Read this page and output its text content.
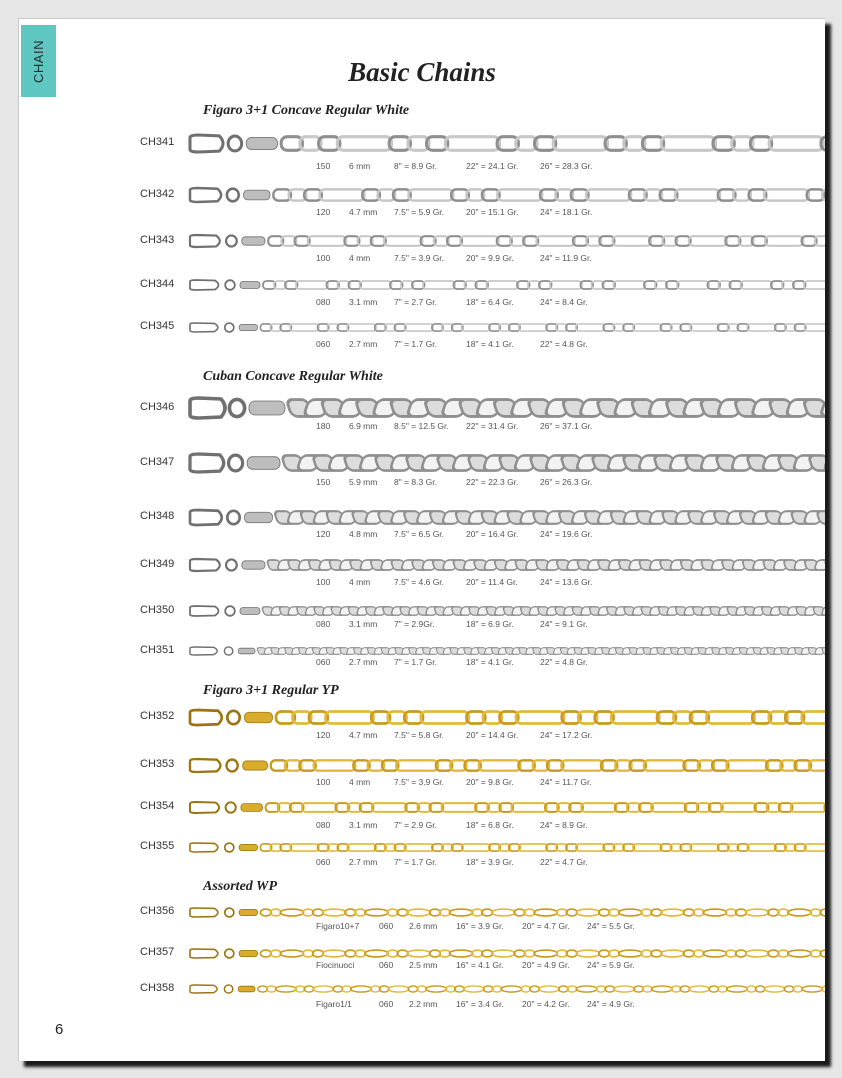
CHAIN	Basic Chains
Figaro 3+1 Concave Regular White
CH341
150 6 mm	8" = 8.9 Gr.	22" = 24.1 Gr.	26" = 28.3 Gr.
CH342
120 4.7 mm 7.5" = 5.9 Gr.	20" = 15.1 Gr.	24" = 18.1 Gr.
CH343
100 4 mm	7.5" = 3.9 Gr.	20" = 9.9 Gr.	24" = 11.9 Gr.
CH344
080 3.1 mm 7" = 2.7 Gr.	18" = 6.4 Gr.	24" = 8.4 Gr.
CH345
060 2.7 mm 7" = 1.7 Gr.	18" = 4.1 Gr.	22" = 4.8 Gr.
Cuban Concave Regular White
CH346
180 6.9 mm 8.5" = 12.5 Gr. 22" = 31.4 Gr.	26" = 37.1 Gr.
CH347
150 5.9 mm 8" = 8.3 Gr.	22" = 22.3 Gr.	26" = 26.3 Gr.
CH348
120 4.8 mm 7.5" = 6.5 Gr.	20" = 16.4 Gr.	24" = 19.6 Gr.
CH349
100 4 mm	7.5" = 4.6 Gr.	20" = 11.4 Gr.	24" = 13.6 Gr.
CH350
080 3.1 mm 7" = 2.9Gr.	18" = 6.9 Gr.	24" = 9.1 Gr.
CH351
060 2.7 mm 7" = 1.7 Gr.	18" = 4.1 Gr.	22" = 4.8 Gr.
Figaro 3+1 Regular YP
CH352
120 4.7 mm 7.5" = 5.8 Gr.	20" = 14.4 Gr.	24" = 17.2 Gr.
CH353
100 4 mm	7.5" = 3.9 Gr.	20" = 9.8 Gr.	24" = 11.7 Gr.
CH354
080 3.1 mm 7" = 2.9 Gr.	18" = 6.8 Gr.	24" = 8.9 Gr.
CH355
060 2.7 mm 7" = 1.7 Gr.	18" = 3.9 Gr.	22" = 4.7 Gr.
Assorted WP
CH356
Figaro10+7 060 2.6 mm 16" = 3.9 Gr. 20" = 4.7 Gr. 24" = 5.5 Gr.
CH357
Fiocinuoci	060 2.5 mm 16" = 4.1 Gr. 20" = 4.9 Gr. 24" = 5.9 Gr.
CH358
Figaro1/1	060 2.2 mm 16" = 3.4 Gr. 20" = 4.2 Gr. 24" = 4.9 Gr.
6
